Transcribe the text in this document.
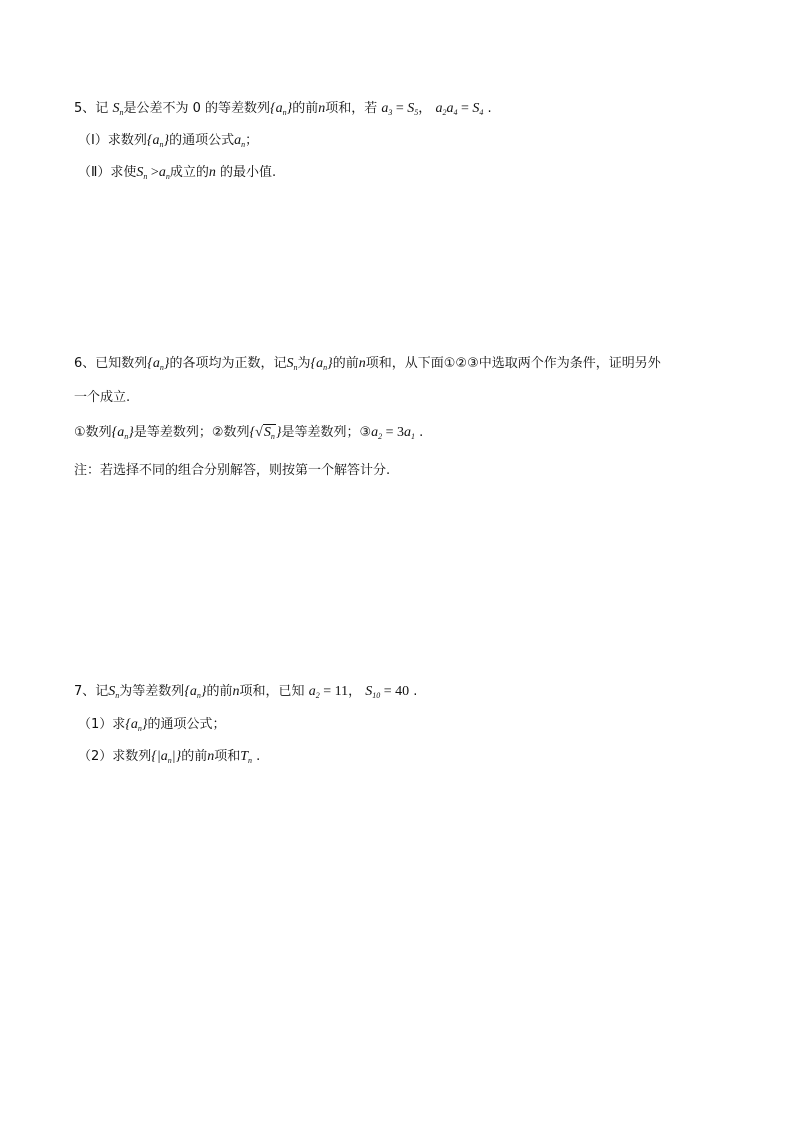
5、记 $S_n$是公差不为 0 的等差数列$\{a_n\}$的前n项和，若 $a_3 = S_5$， $a_2a_4 = S_4$ .
（Ⅰ）求数列$\{a_n\}$的通项公式$a_n$；
（Ⅱ）求使$S_n >a_n$成立的n 的最小值.
6、已知数列$\{a_n\}$的各项均为正数，记$S_n$为$\{a_n\}$的前n项和，从下面①②③中选取两个作为条件，证明另外
一个成立.
①数列$\{a_n\}$是等差数列；②数列$\{√S_n\}$是等差数列；$③a_2 = 3a_1$ .
注：若选择不同的组合分别解答，则按第一个解答计分.
7、记$S_n$为等差数列$\{a_n\}$的前n项和，已知 $a_2 = 11$， $S_{10} = 40$ .
（1）求$\{a_n\}$的通项公式；
（2）求数列$\{|a_n|\}$的前n项和$T_n$ .
